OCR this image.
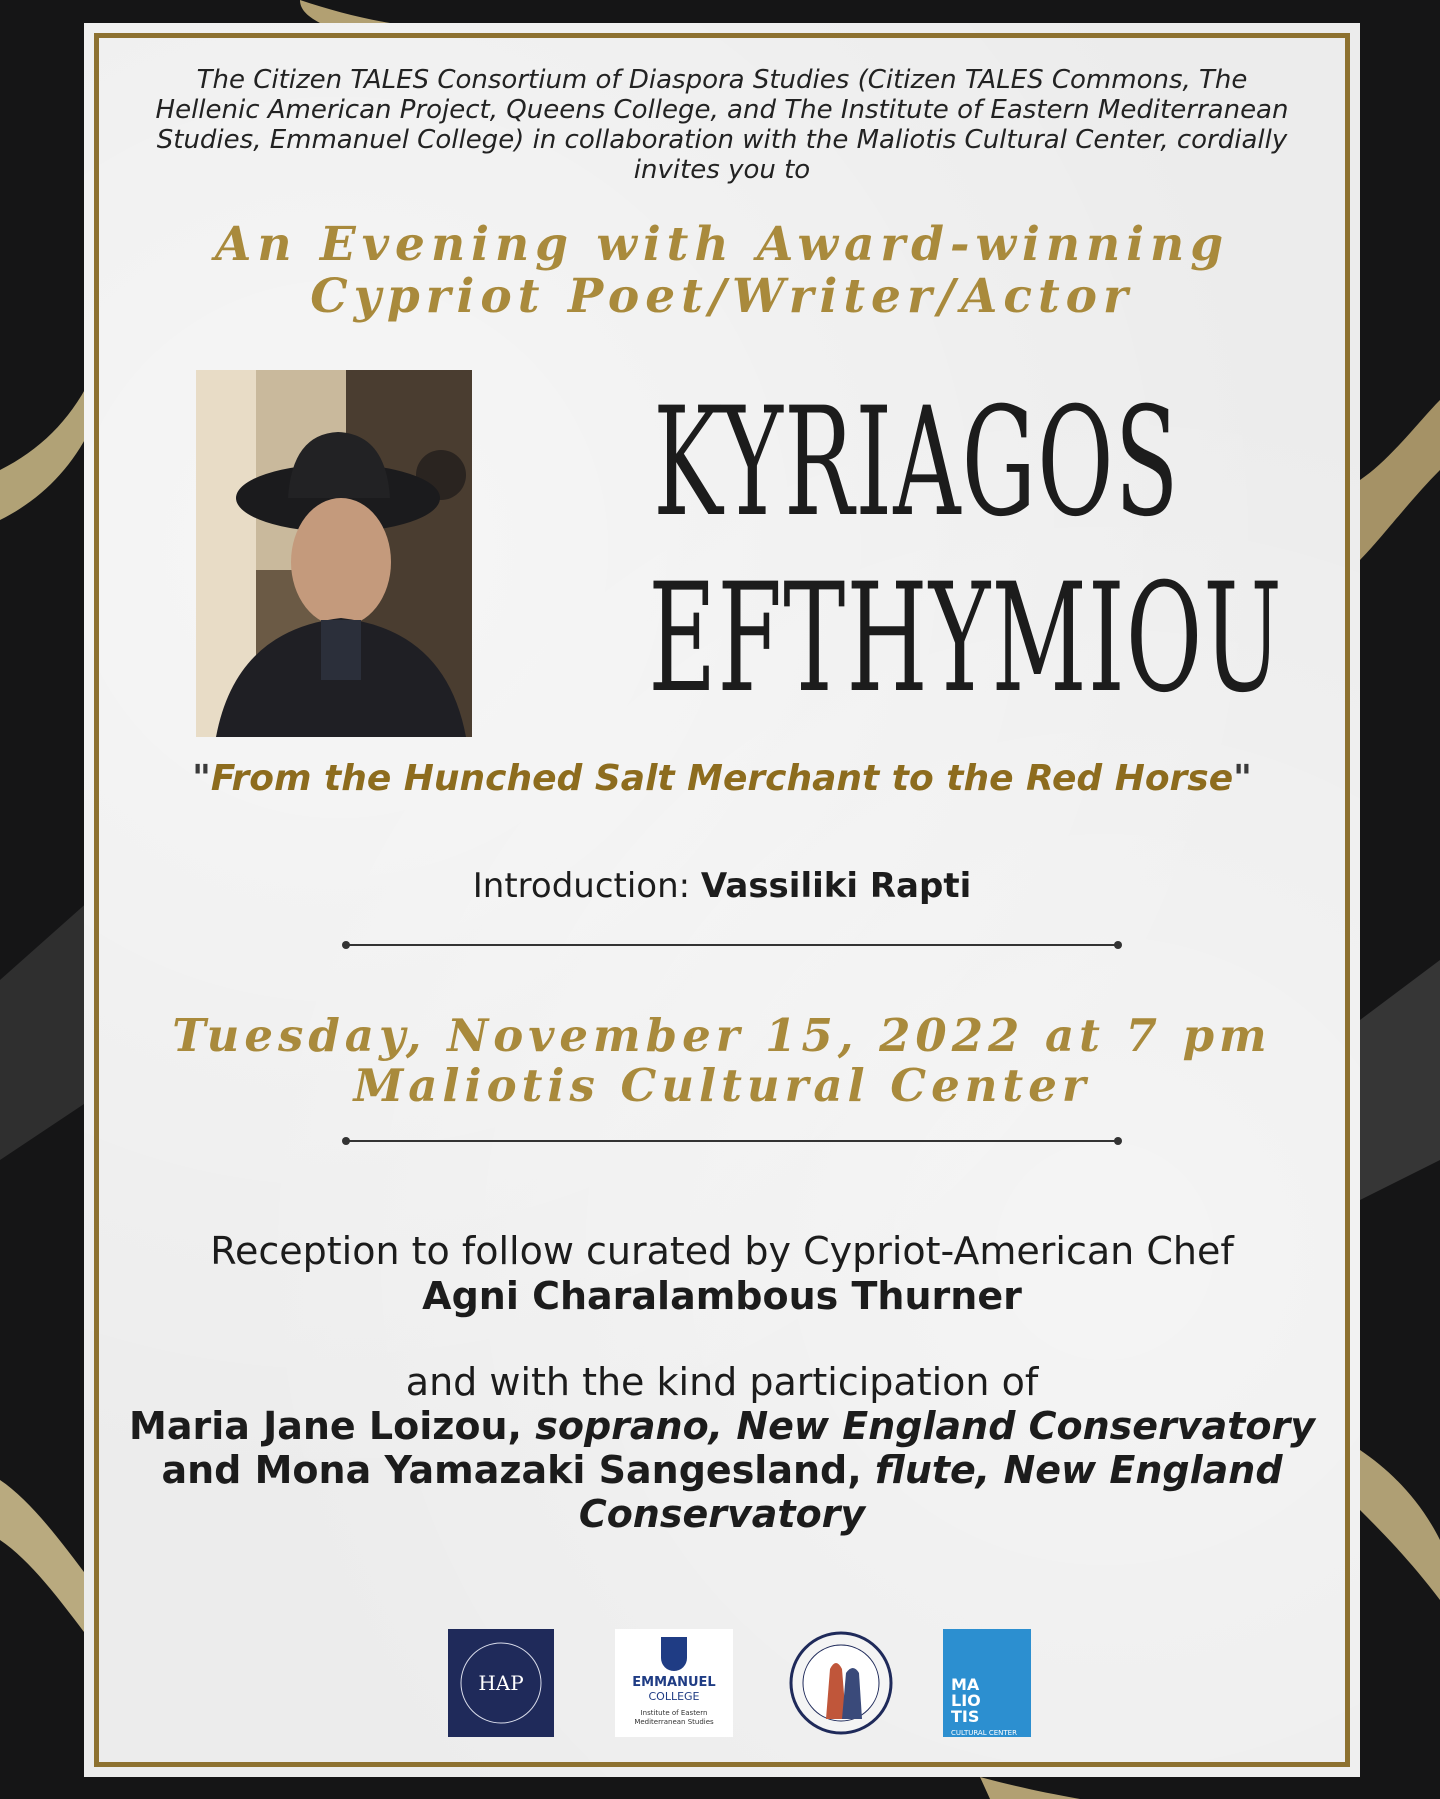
The Citizen TALES Consortium of Diaspora Studies (Citizen TALES Commons, The Hellenic American Project, Queens College, and The Institute of Eastern Mediterranean Studies, Emmanuel College) in collaboration with the Maliotis Cultural Center, cordially invites you to
An Evening with Award-winning
Cypriot Poet/Writer/Actor
KYRIAGOS
EFTHYMIOU
"From the Hunched Salt Merchant to the Red Horse"
Introduction: Vassiliki Rapti
Tuesday, November 15, 2022 at 7 pm
Maliotis Cultural Center
Reception to follow curated by Cypriot-American Chef
Agni Charalambous Thurner
and with the kind participation of
Maria Jane Loizou, soprano, New England Conservatory and Mona Yamazaki Sangesland, flute, New England Conservatory
HAP	EMMANUEL
COLLEGE
Institute of Eastern Mediterranean Studies
MA
LIO
TIS
CULTURAL CENTER
